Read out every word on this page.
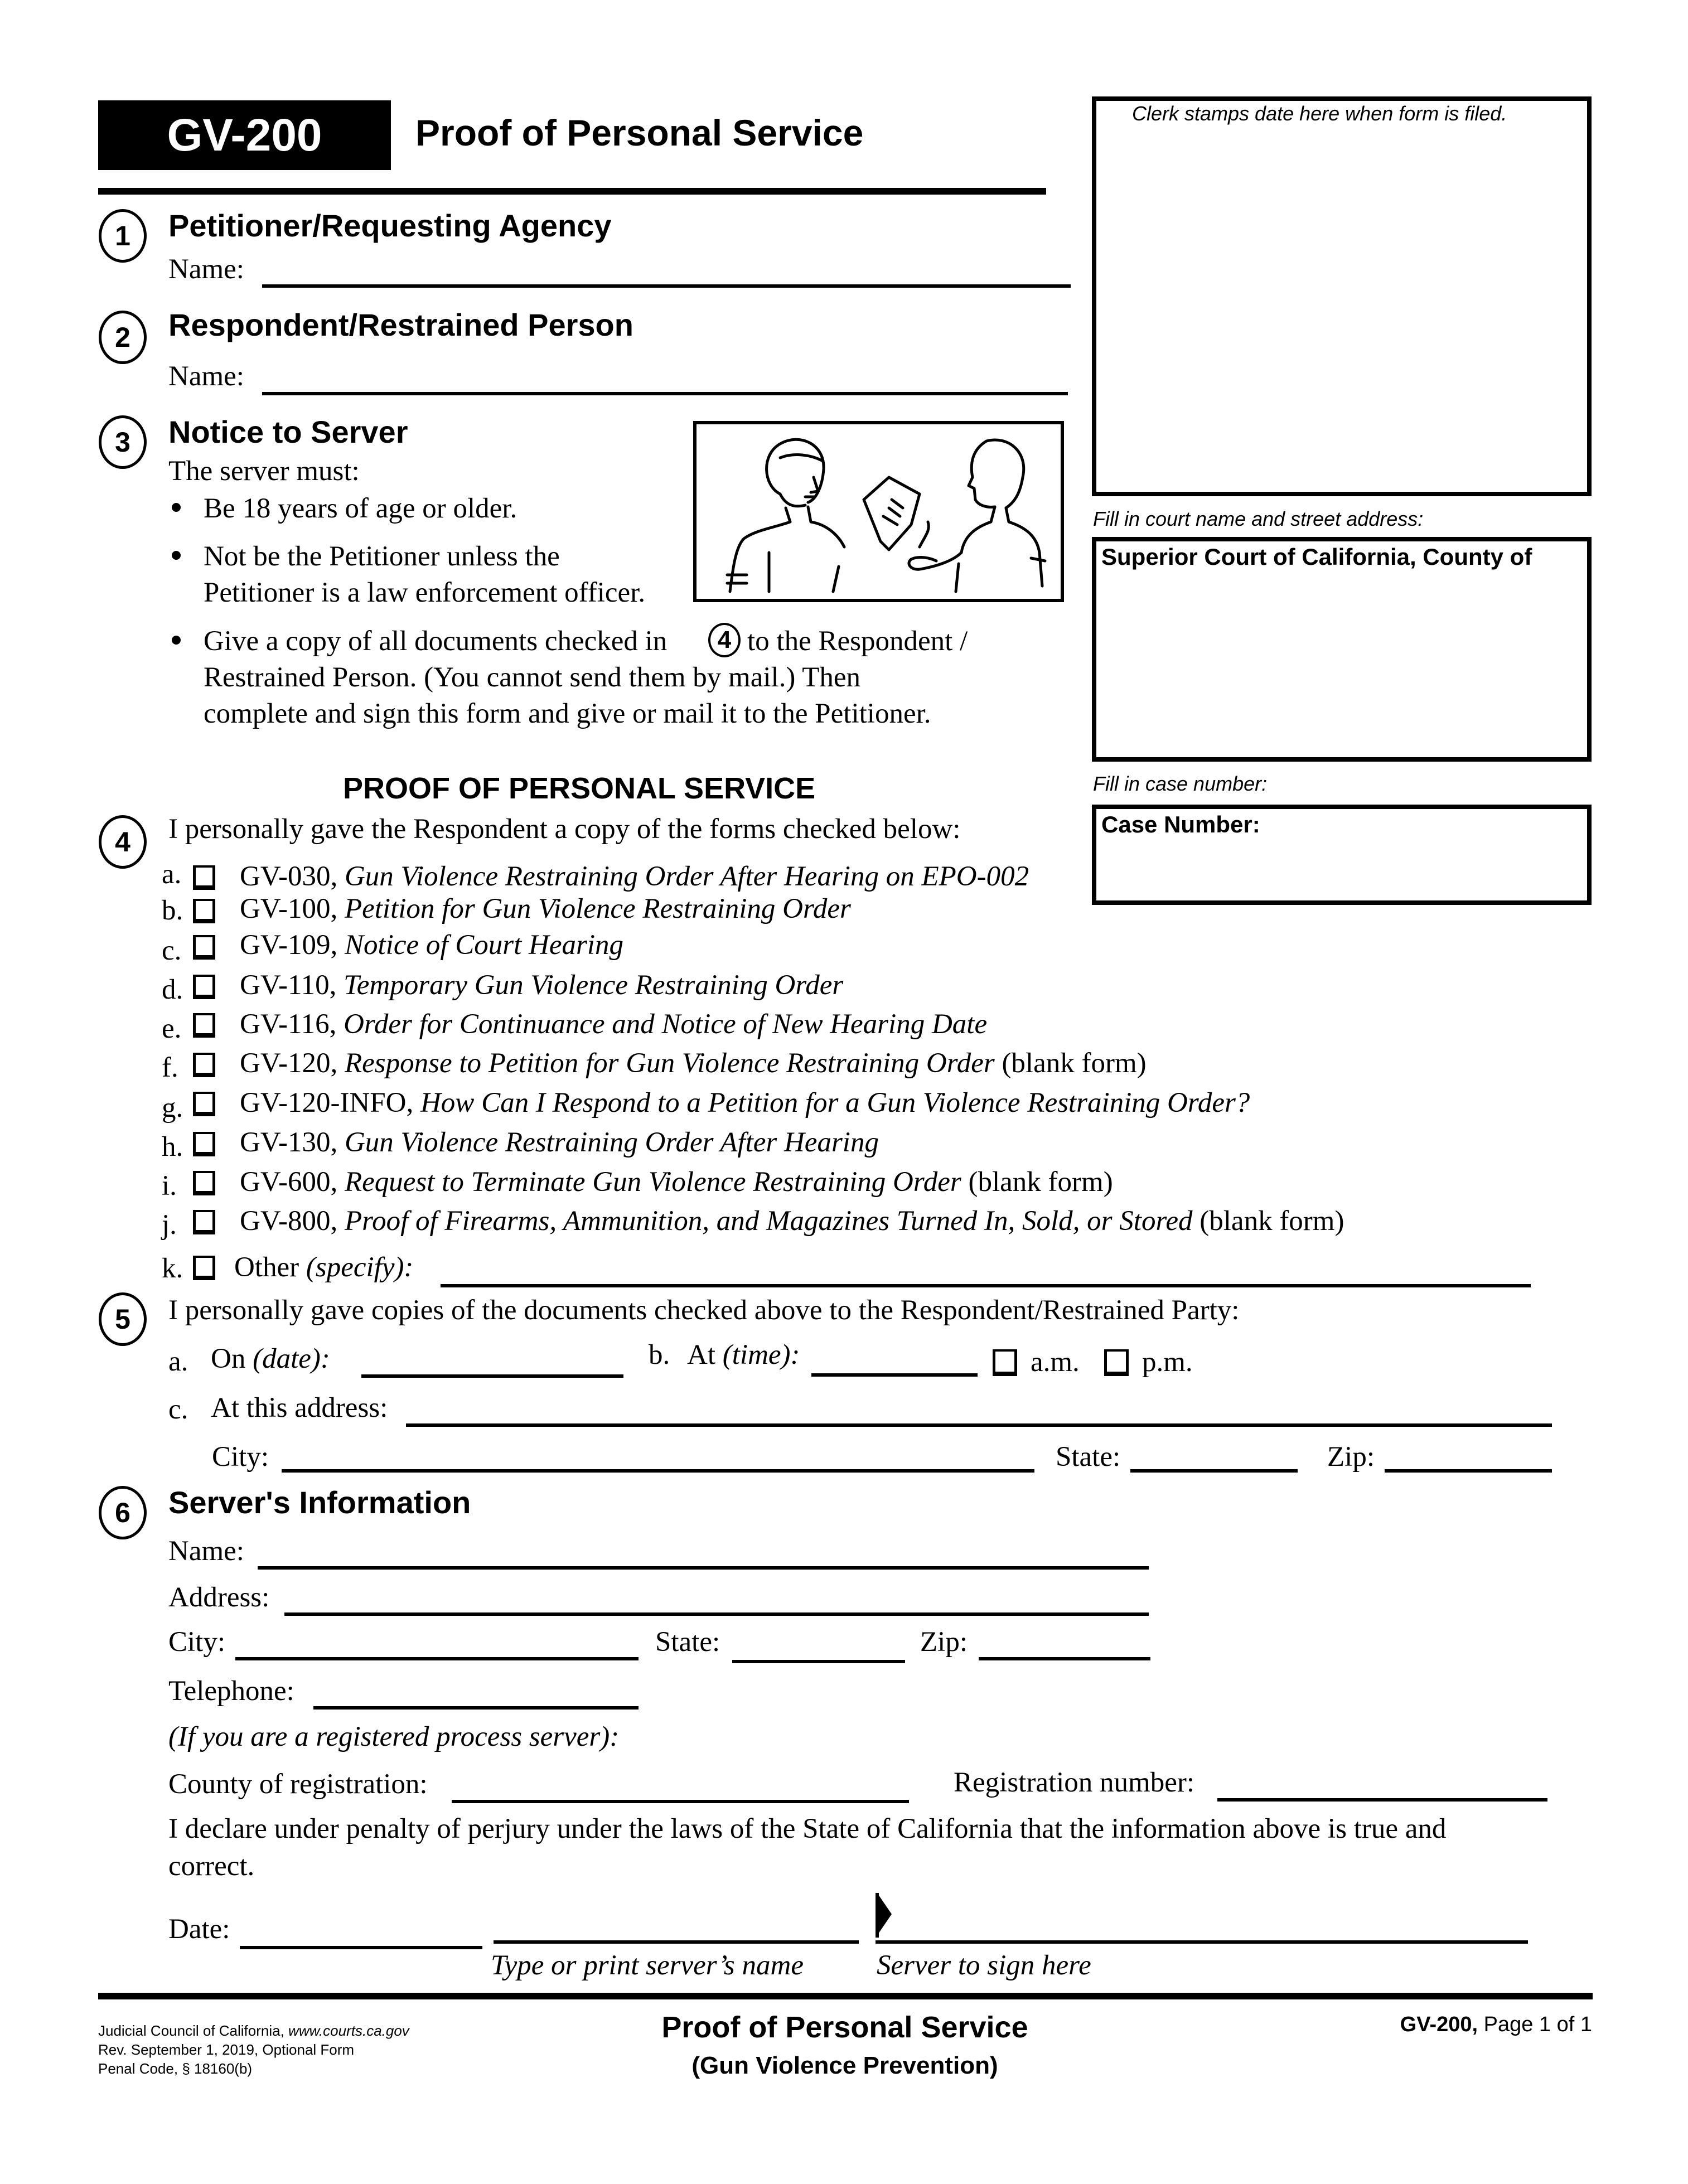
GV-200	Proof of Personal Service	Clerk stamps date here when form is filed.
Fill in court name and street address:
Superior Court of California, County of
Fill in case number:
Case Number:
1	Petitioner/Requesting Agency
Name:
2	Respondent/Restrained Person
Name:
3	Notice to Server
The server must:
Be 18 years of age or older.
Not be the Petitioner unless the
Petitioner is a law enforcement officer.
Give a copy of all documents checked in	4 to the Respondent /
Restrained Person. (You cannot send them by mail.) Then
complete and sign this form and give or mail it to the Petitioner.
PROOF OF PERSONAL SERVICE
4	I personally gave the Respondent a copy of the forms checked below:
a. GV-030, Gun Violence Restraining Order After Hearing on EPO-002
b. GV-100, Petition for Gun Violence Restraining Order
c. GV-109, Notice of Court Hearing
d. GV-110, Temporary Gun Violence Restraining Order
e. GV-116, Order for Continuance and Notice of New Hearing Date
f. GV-120, Response to Petition for Gun Violence Restraining Order (blank form)
g. GV-120-INFO, How Can I Respond to a Petition for a Gun Violence Restraining Order?
h. GV-130, Gun Violence Restraining Order After Hearing
i. GV-600, Request to Terminate Gun Violence Restraining Order (blank form)
j. GV-800, Proof of Firearms, Ammunition, and Magazines Turned In, Sold, or Stored (blank form)
k. Other (specify):
5	I personally gave copies of the documents checked above to the Respondent/Restrained Party:
a. On (date):	b. At (time):	a.m. p.m.
c. At this address:
City:	State:	Zip:
6	Server's Information
Name:
Address:
City:	State:	Zip:
Telephone:
(If you are a registered process server):
County of registration:	Registration number:
I declare under penalty of perjury under the laws of the State of California that the information above is true and
correct.
Date:
Type or print server’s name	Server to sign here
Judicial Council of California, www.courts.ca.gov
Rev. September 1, 2019, Optional Form
Penal Code, § 18160(b)
Proof of Personal Service
(Gun Violence Prevention)
GV-200, Page 1 of 1
